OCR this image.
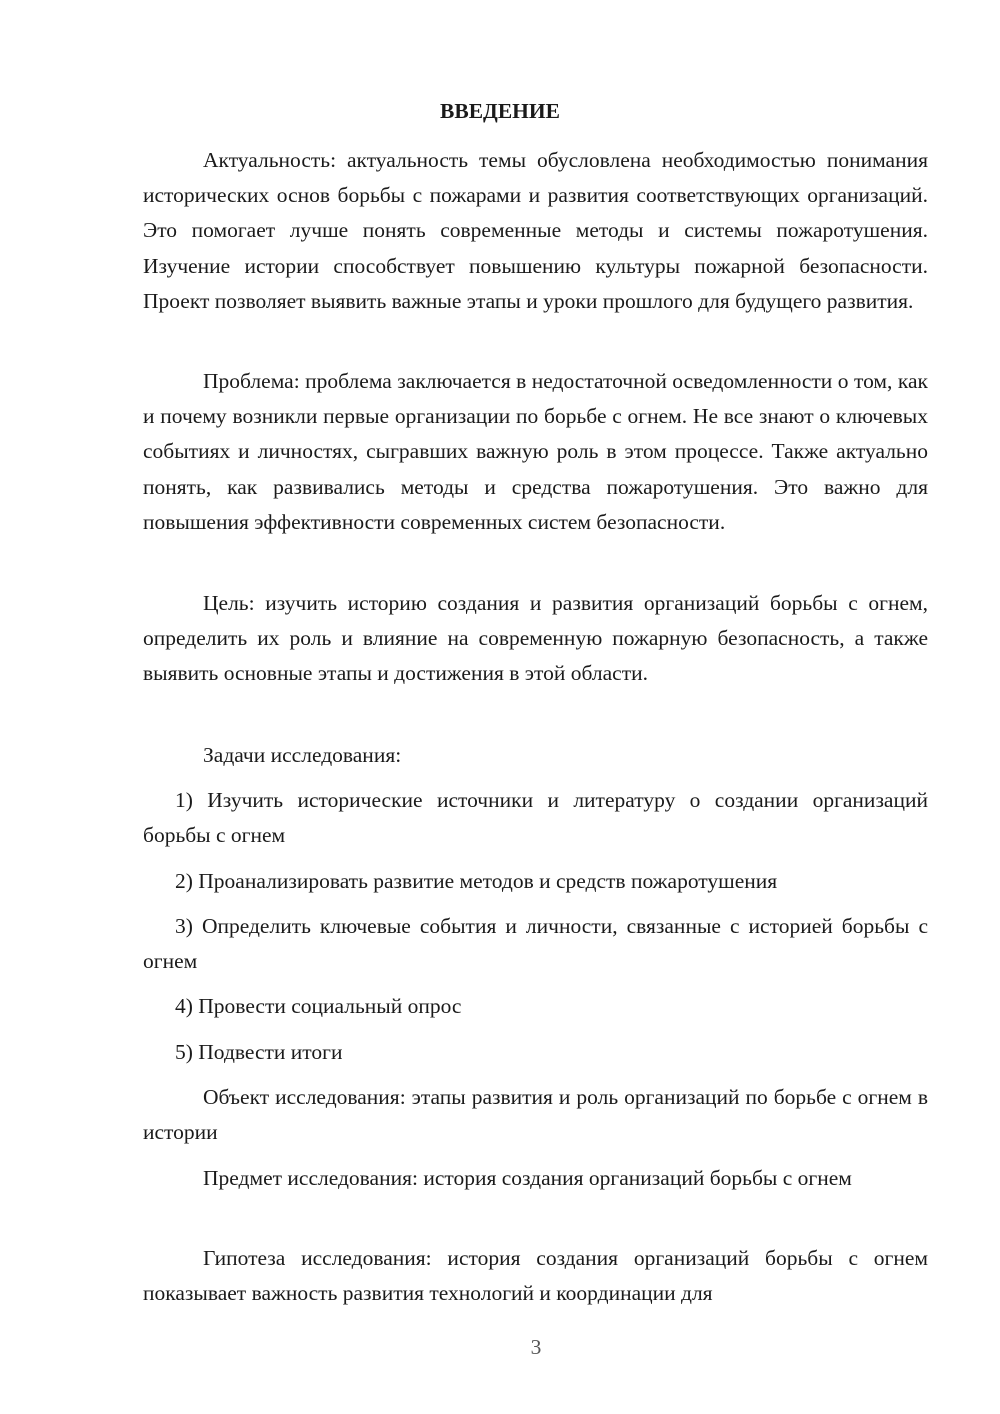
ВВЕДЕНИЕ

Актуальность: актуальность темы обусловлена необходимостью понимания исторических основ борьбы с пожарами и развития соответствующих организаций. Это помогает лучше понять современные методы и системы пожаротушения. Изучение истории способствует повышению культуры пожарной безопасности. Проект позволяет выявить важные этапы и уроки прошлого для будущего развития.

Проблема: проблема заключается в недостаточной осведомленности о том, как и почему возникли первые организации по борьбе с огнем. Не все знают о ключевых событиях и личностях, сыгравших важную роль в этом процессе. Также актуально понять, как развивались методы и средства пожаротушения. Это важно для повышения эффективности современных систем безопасности.

Цель: изучить историю создания и развития организаций борьбы с огнем, определить их роль и влияние на современную пожарную безопасность, а также выявить основные этапы и достижения в этой области.

Задачи исследования:

1) Изучить исторические источники и литературу о создании организаций борьбы с огнем

2) Проанализировать развитие методов и средств пожаротушения

3) Определить ключевые события и личности, связанные с историей борьбы с огнем

4) Провести социальный опрос

5) Подвести итоги

Объект исследования: этапы развития и роль организаций по борьбе с огнем в истории

Предмет исследования: история создания организаций борьбы с огнем

Гипотеза исследования: история создания организаций борьбы с огнем показывает важность развития технологий и координации для

3
